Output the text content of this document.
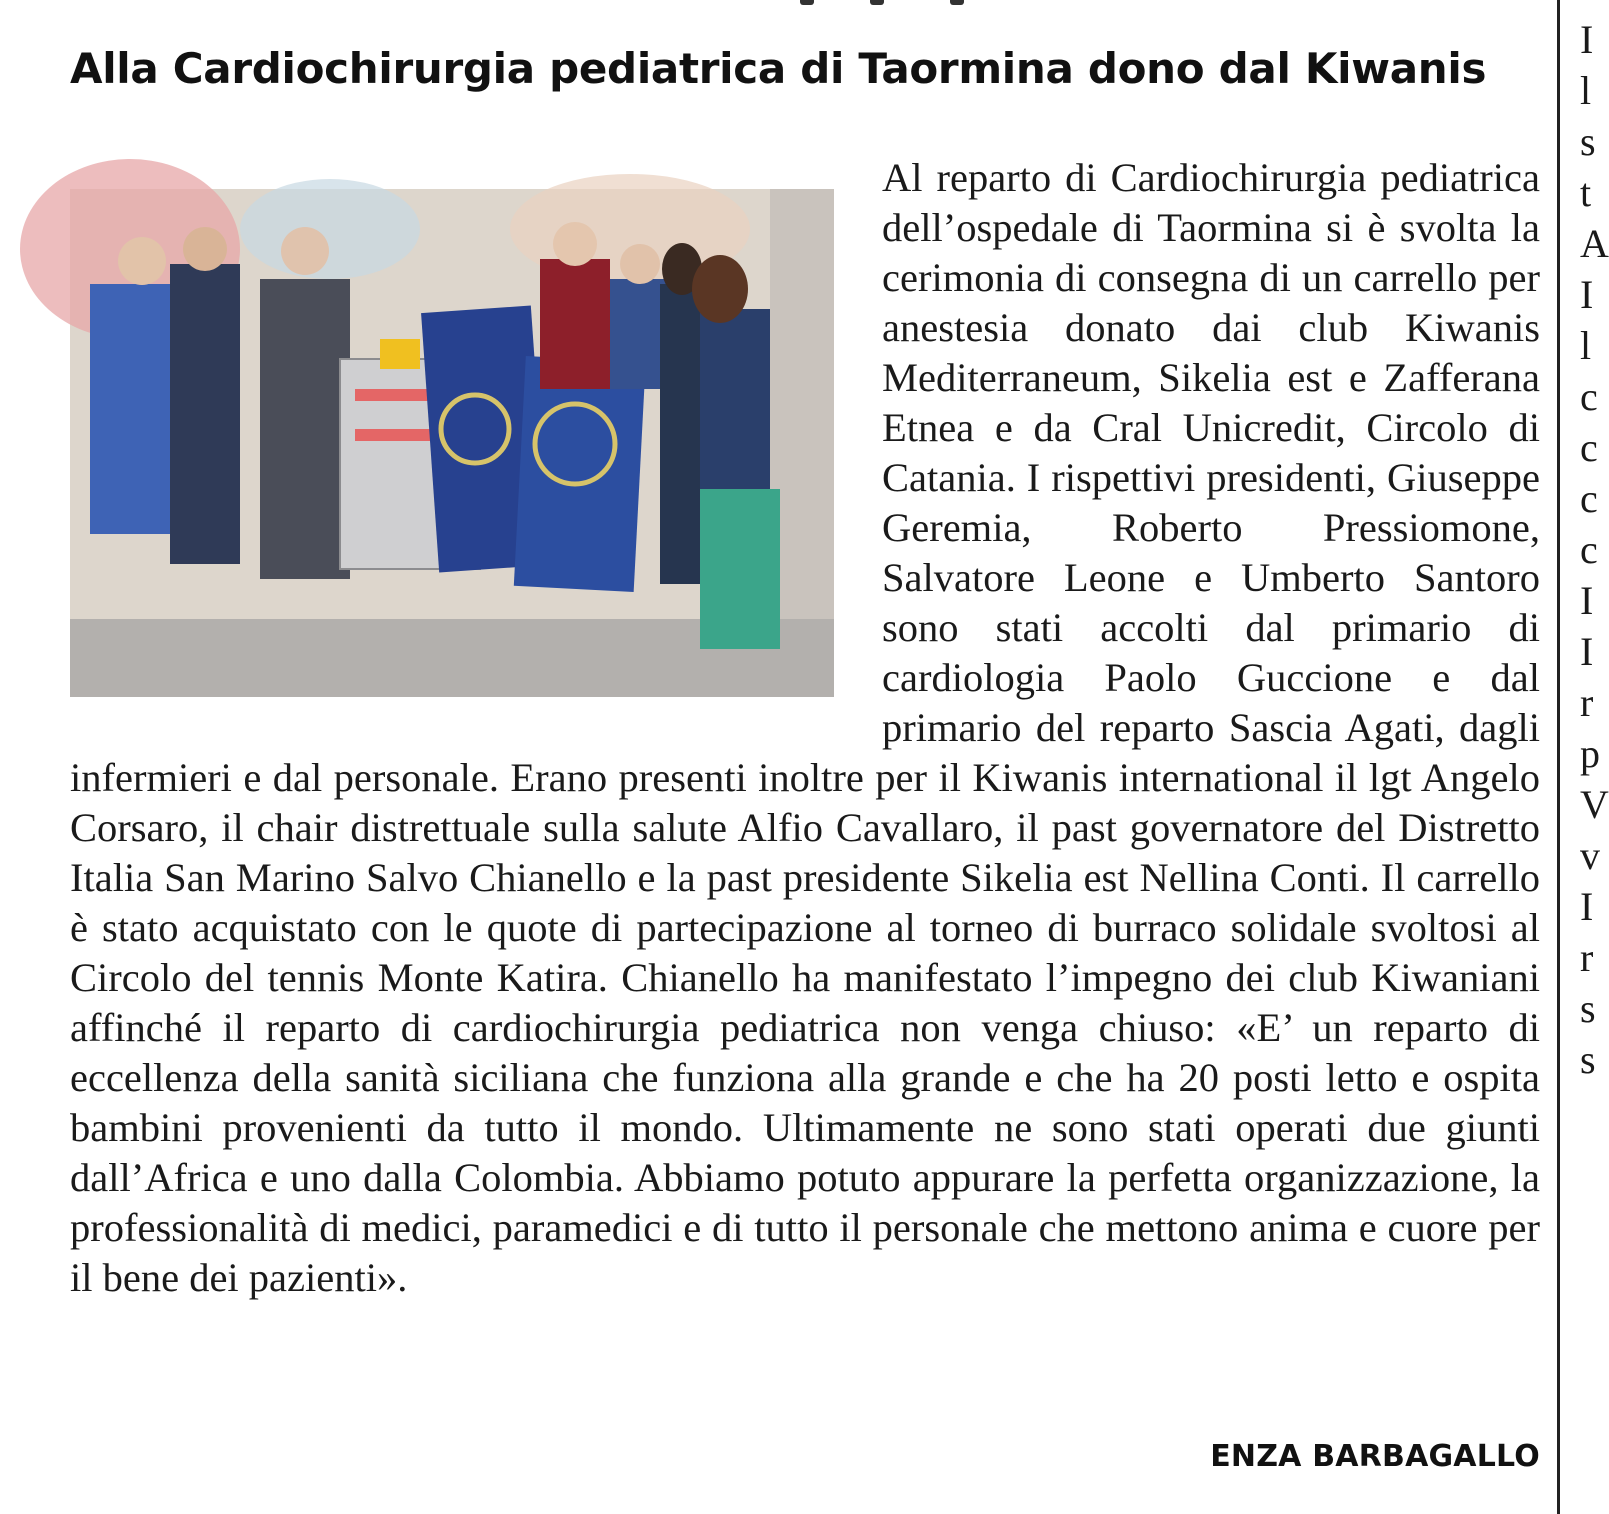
Alla Cardiochirurgia pediatrica di Taormina dono dal Kiwanis

Al reparto di Cardiochirurgia pediatrica dell’ospedale di Taormina si è svolta la cerimonia di consegna di un carrello per anestesia donato dai club Kiwanis Mediterraneum, Sikelia est e Zafferana Etnea e da Cral Unicredit, Circolo di Catania. I rispettivi presidenti, Giuseppe Geremia, Roberto Pressiomone, Salvatore Leone e Umberto Santoro sono stati accolti dal primario di cardiologia Paolo Guccione e dal primario del reparto Sascia Agati, dagli infermieri e dal personale. Erano presenti inoltre per il Kiwanis international il lgt Angelo Corsaro, il chair distrettuale sulla salute Alfio Cavallaro, il past governatore del Distretto Italia San Marino Salvo Chianello e la past presidente Sikelia est Nellina Conti. Il carrello è stato acquistato con le quote di partecipazione al torneo di burraco solidale svoltosi al Circolo del tennis Monte Katira. Chianello ha manifestato l’impegno dei club Kiwaniani affinché il reparto di cardiochirurgia pediatrica non venga chiuso: «E’ un reparto di eccellenza della sanità siciliana che funziona alla grande e che ha 20 posti letto e ospita bambini provenienti da tutto il mondo. Ultimamente ne sono stati operati due giunti dall’Africa e uno dalla Colombia. Abbiamo potuto appurare la perfetta organizzazione, la professionalità di medici, paramedici e di tutto il personale che mettono anima e cuore per il bene dei pazienti».

ENZA BARBAGALLO
I
l
s
t
A
I
l
c
c
c
c
I
I
r
p
V
v
I
r
s
s
